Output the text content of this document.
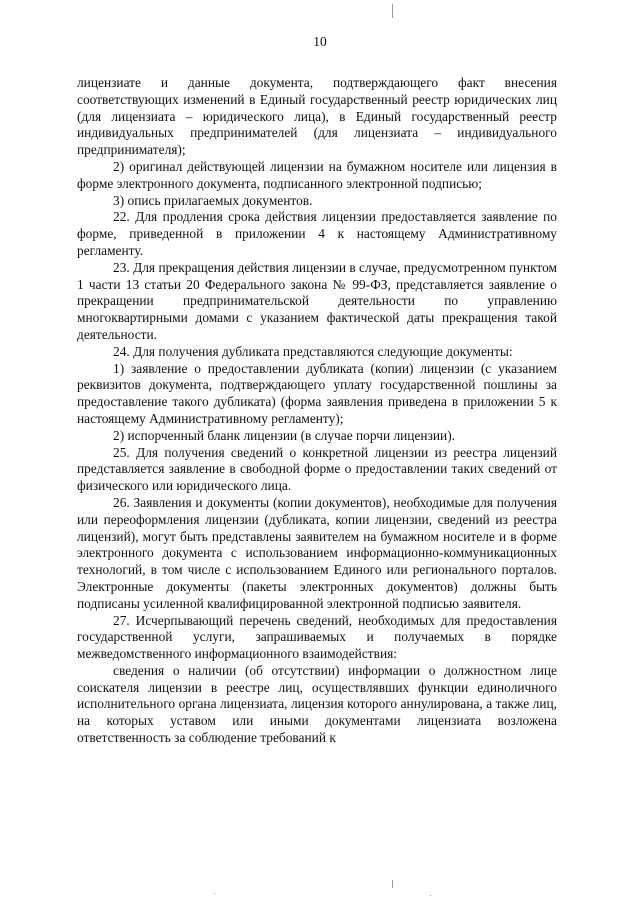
10

лицензиате и данные документа, подтверждающего факт внесения соответствующих изменений в Единый государственный реестр юридических лиц (для лицензиата – юридического лица), в Единый государственный реестр индивидуальных предпринимателей (для лицензиата – индивидуального предпринимателя);

2) оригинал действующей лицензии на бумажном носителе или лицензия в форме электронного документа, подписанного электронной подписью;

3) опись прилагаемых документов.

22. Для продления срока действия лицензии предоставляется заявление по форме, приведенной в приложении 4 к настоящему Административному регламенту.

23. Для прекращения действия лицензии в случае, предусмотренном пунктом 1 части 13 статьи 20 Федерального закона № 99-ФЗ, представляется заявление о прекращении предпринимательской деятельности по управлению многоквартирными домами с указанием фактической даты прекращения такой деятельности.

24. Для получения дубликата представляются следующие документы:

1) заявление о предоставлении дубликата (копии) лицензии (с указанием реквизитов документа, подтверждающего уплату государственной пошлины за предоставление такого дубликата) (форма заявления приведена в приложении 5 к настоящему Административному регламенту);

2) испорченный бланк лицензии (в случае порчи лицензии).

25. Для получения сведений о конкретной лицензии из реестра лицензий представляется заявление в свободной форме о предоставлении таких сведений от физического или юридического лица.

26. Заявления и документы (копии документов), необходимые для получения или переоформления лицензии (дубликата, копии лицензии, сведений из реестра лицензий), могут быть представлены заявителем на бумажном носителе и в форме электронного документа с использованием информационно-коммуникационных технологий, в том числе с использованием Единого или регионального порталов. Электронные документы (пакеты электронных документов) должны быть подписаны усиленной квалифицированной электронной подписью заявителя.

27. Исчерпывающий перечень сведений, необходимых для предоставления государственной услуги, запрашиваемых и получаемых в порядке межведомственного информационного взаимодействия:

сведения о наличии (об отсутствии) информации о должностном лице соискателя лицензии в реестре лиц, осуществлявших функции единоличного исполнительного органа лицензиата, лицензия которого аннулирована, а также лиц, на которых уставом или иными документами лицензиата возложена ответственность за соблюдение требований к
